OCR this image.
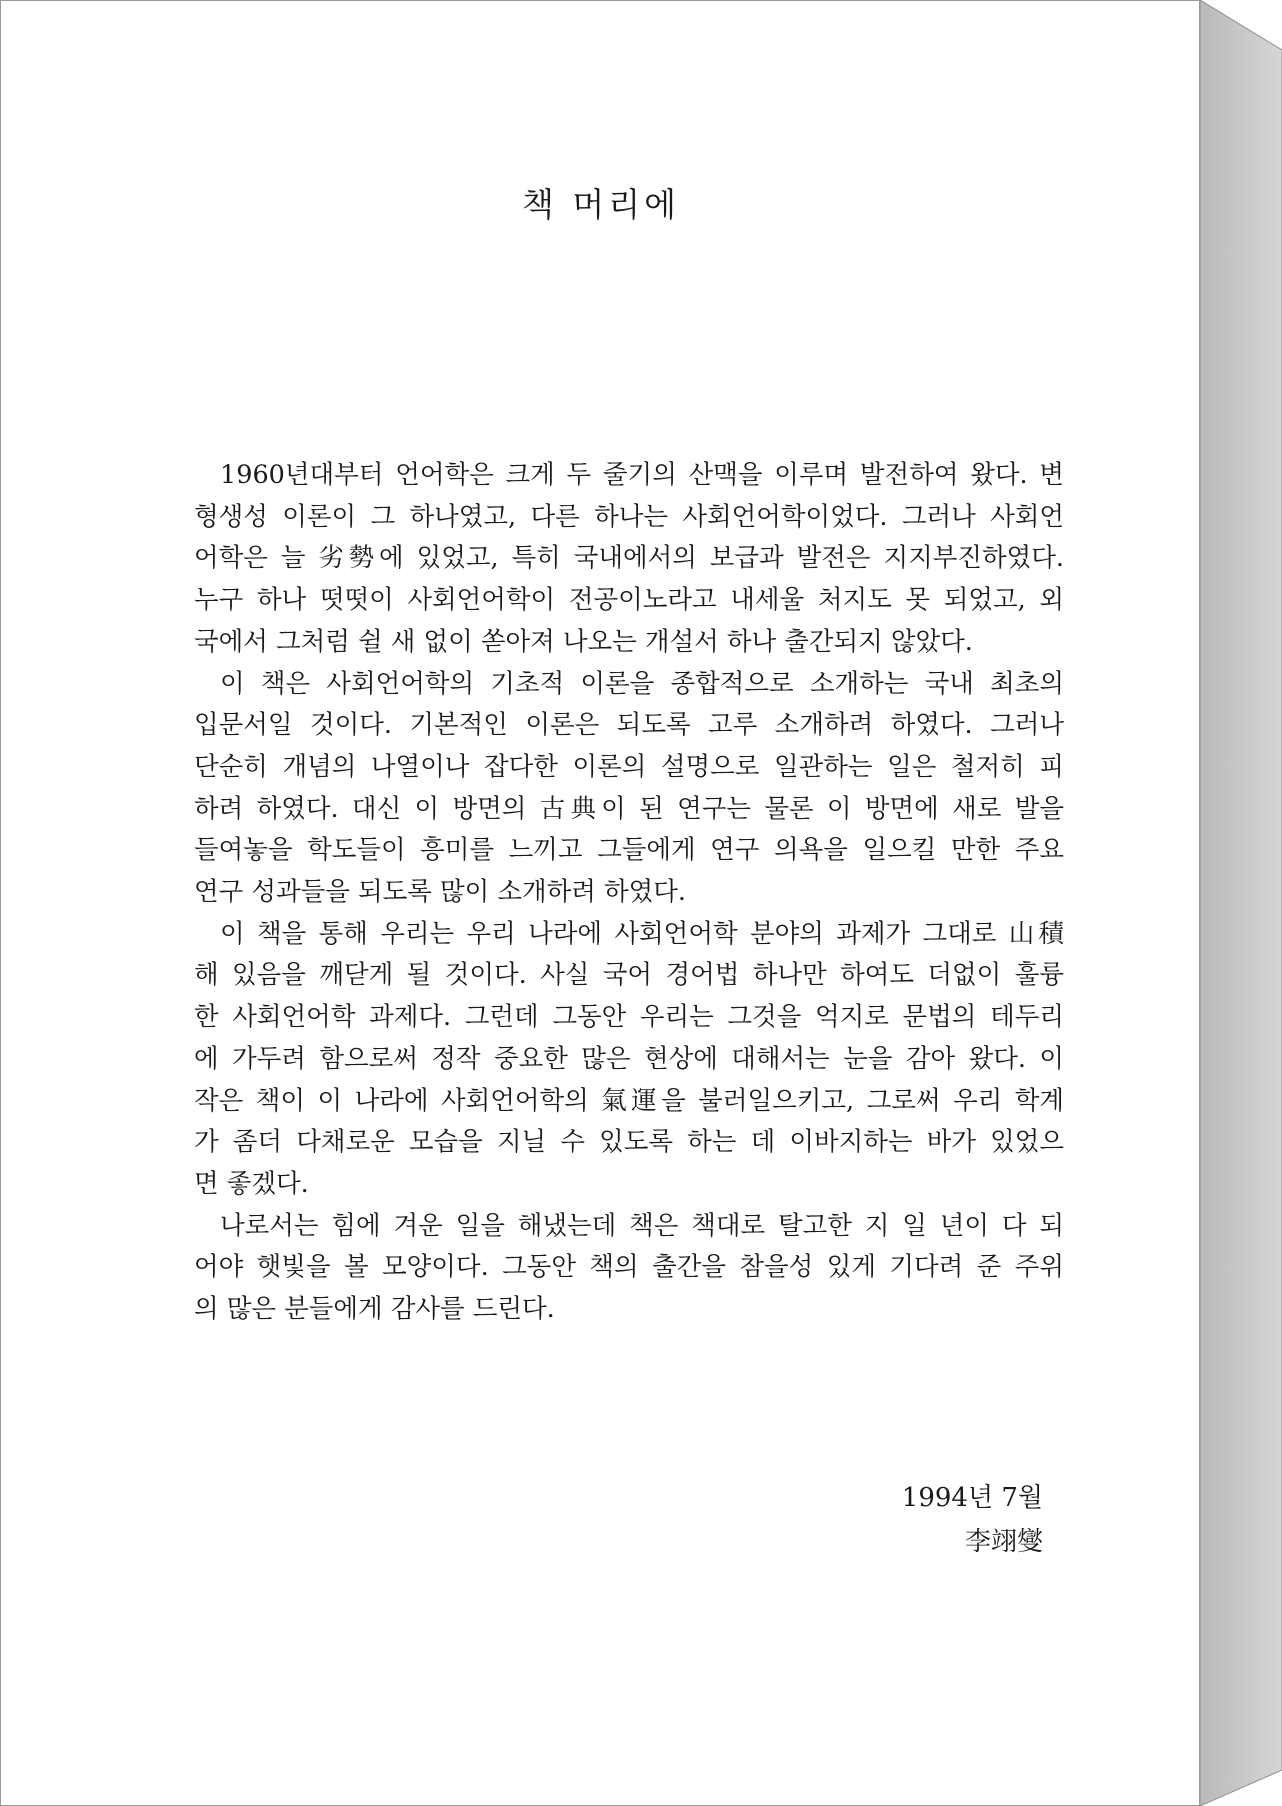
책 머리에
1960년대부터 언어학은 크게 두 줄기의 산맥을 이루며 발전하여 왔다. 변
형생성 이론이 그 하나였고, 다른 하나는 사회언어학이었다. 그러나 사회언
어학은 늘 劣勢에 있었고, 특히 국내에서의 보급과 발전은 지지부진하였다.
누구 하나 떳떳이 사회언어학이 전공이노라고 내세울 처지도 못 되었고, 외
국에서 그처럼 쉴 새 없이 쏟아져 나오는 개설서 하나 출간되지 않았다.
이 책은 사회언어학의 기초적 이론을 종합적으로 소개하는 국내 최초의
입문서일 것이다. 기본적인 이론은 되도록 고루 소개하려 하였다. 그러나
단순히 개념의 나열이나 잡다한 이론의 설명으로 일관하는 일은 철저히 피
하려 하였다. 대신 이 방면의 古典이 된 연구는 물론 이 방면에 새로 발을
들여놓을 학도들이 흥미를 느끼고 그들에게 연구 의욕을 일으킬 만한 주요
연구 성과들을 되도록 많이 소개하려 하였다.
이 책을 통해 우리는 우리 나라에 사회언어학 분야의 과제가 그대로 山積
해 있음을 깨닫게 될 것이다. 사실 국어 경어법 하나만 하여도 더없이 훌륭
한 사회언어학 과제다. 그런데 그동안 우리는 그것을 억지로 문법의 테두리
에 가두려 함으로써 정작 중요한 많은 현상에 대해서는 눈을 감아 왔다. 이
작은 책이 이 나라에 사회언어학의 氣運을 불러일으키고, 그로써 우리 학계
가 좀더 다채로운 모습을 지닐 수 있도록 하는 데 이바지하는 바가 있었으
면 좋겠다.
나로서는 힘에 겨운 일을 해냈는데 책은 책대로 탈고한 지 일 년이 다 되
어야 햇빛을 볼 모양이다. 그동안 책의 출간을 참을성 있게 기다려 준 주위
의 많은 분들에게 감사를 드린다.
1994년 7월
李翊燮
